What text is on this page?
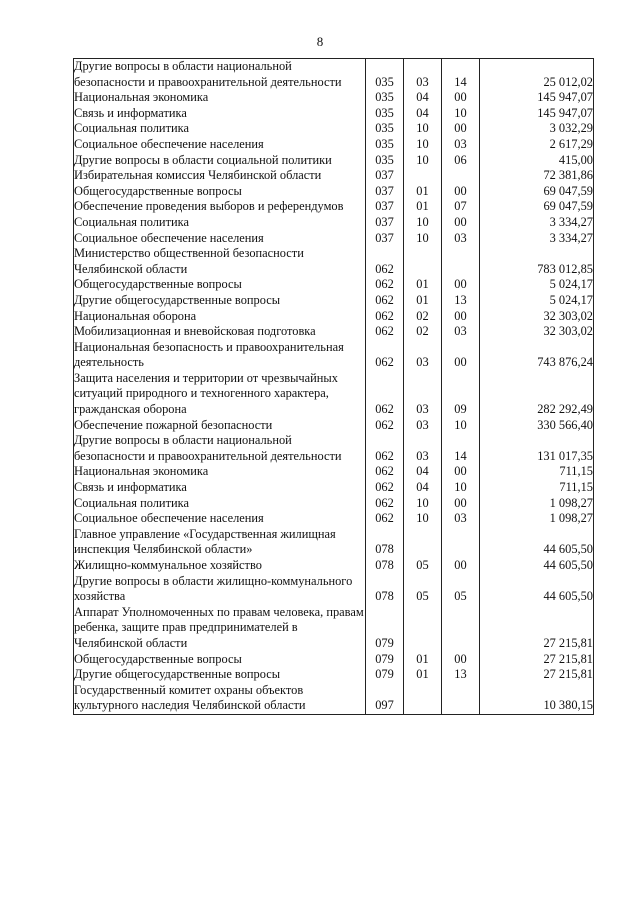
8
Другие вопросы в области национальной безопасности и правоохранительной деятельности	035	03	14	25 012,02
Национальная экономика	035	04	00	145 947,07
Связь и информатика	035	04	10	145 947,07
Социальная политика	035	10	00	3 032,29
Социальное обеспечение населения	035	10	03	2 617,29
Другие вопросы в области социальной политики	035	10	06	415,00
Избирательная комиссия Челябинской области	037			72 381,86
Общегосударственные вопросы	037	01	00	69 047,59
Обеспечение проведения выборов и референдумов	037	01	07	69 047,59
Социальная политика	037	10	00	3 334,27
Социальное обеспечение населения	037	10	03	3 334,27
Министерство общественной безопасности Челябинской области	062			783 012,85
Общегосударственные вопросы	062	01	00	5 024,17
Другие общегосударственные вопросы	062	01	13	5 024,17
Национальная оборона	062	02	00	32 303,02
Мобилизационная и вневойсковая подготовка	062	02	03	32 303,02
Национальная безопасность и правоохранительная деятельность	062	03	00	743 876,24
Защита населения и территории от чрезвычайных ситуаций природного и техногенного характера, гражданская оборона	062	03	09	282 292,49
Обеспечение пожарной безопасности	062	03	10	330 566,40
Другие вопросы в области национальной безопасности и правоохранительной деятельности	062	03	14	131 017,35
Национальная экономика	062	04	00	711,15
Связь и информатика	062	04	10	711,15
Социальная политика	062	10	00	1 098,27
Социальное обеспечение населения	062	10	03	1 098,27
Главное управление «Государственная жилищная инспекция Челябинской области»	078			44 605,50
Жилищно-коммунальное хозяйство	078	05	00	44 605,50
Другие вопросы в области жилищно-коммунального хозяйства	078	05	05	44 605,50
Аппарат Уполномоченных по правам человека, правам ребенка, защите прав предпринимателей в Челябинской области	079			27 215,81
Общегосударственные вопросы	079	01	00	27 215,81
Другие общегосударственные вопросы	079	01	13	27 215,81
Государственный комитет охраны объектов культурного наследия Челябинской области	097			10 380,15
